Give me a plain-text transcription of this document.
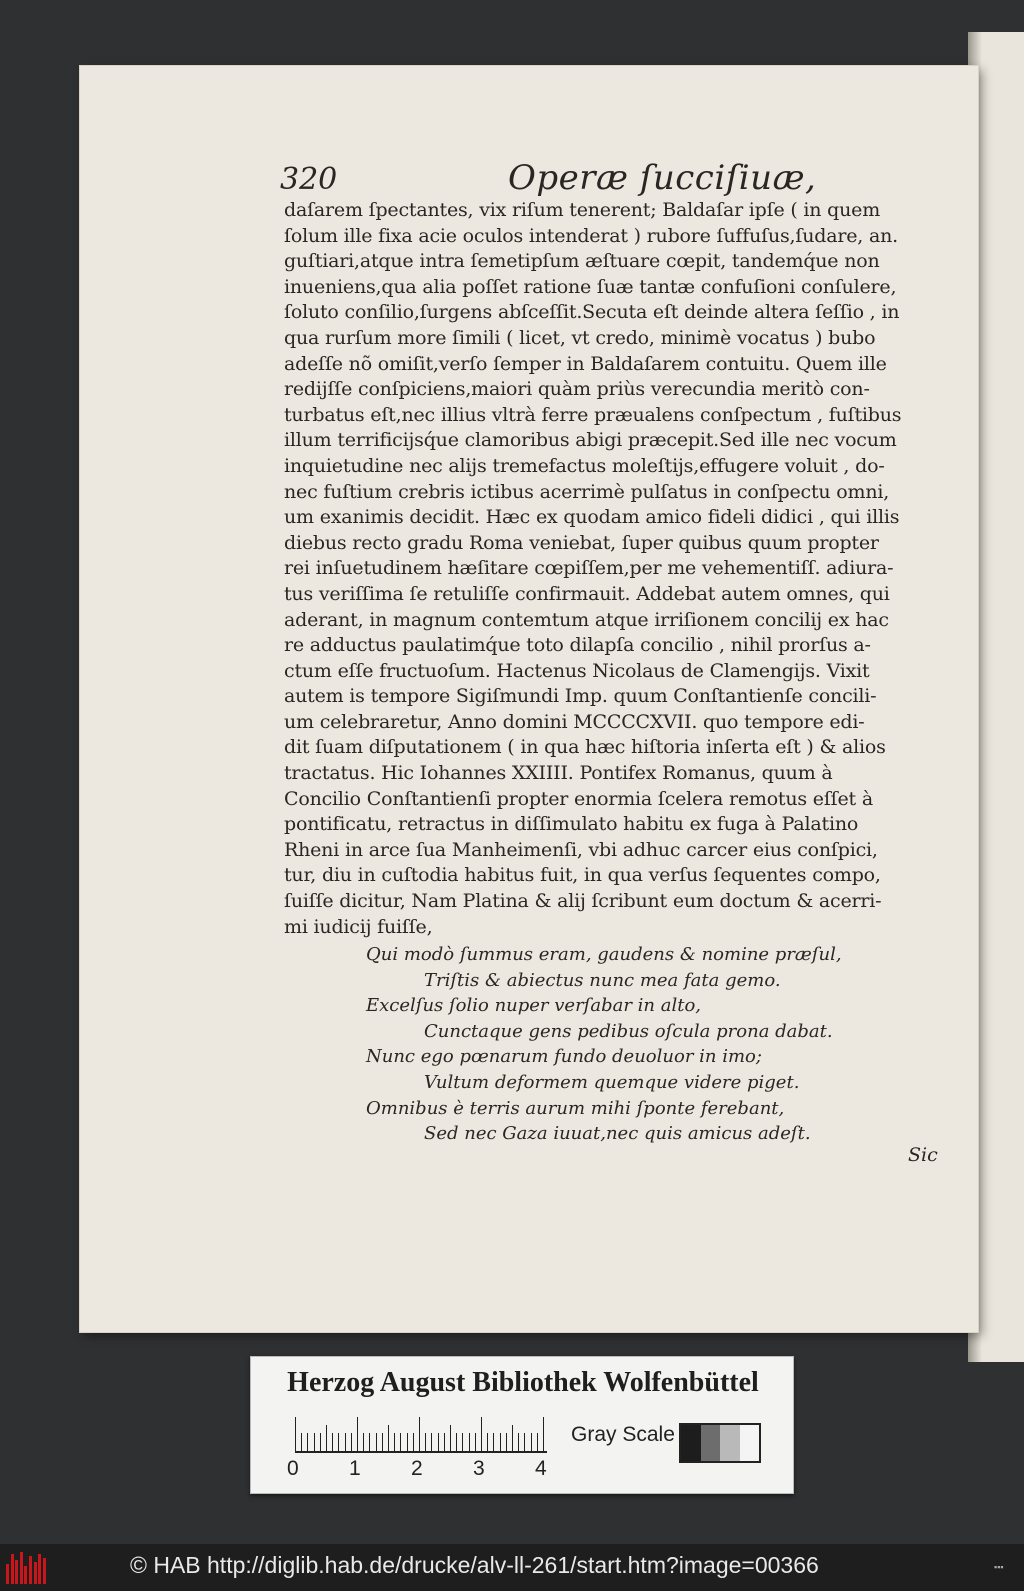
320	Operæ ſucciſiuæ,
daſarem ſpectantes, vix riſum tenerent; Baldaſar ipſe ( in quem
ſolum ille fixa acie oculos intenderat ) rubore ſuffuſus,ſudare, an.
guſtiari,atque intra ſemetipſum æſtuare cœpit, tandemq́ue non
inueniens,qua alia poſſet ratione ſuæ tantæ confuſioni conſulere,
ſoluto conſilio,ſurgens abſceſſit.Secuta eſt deinde altera ſeſſio , in
qua rurſum more ſimili ( licet, vt credo, minimè vocatus ) bubo
adeſſe nõ omiſit,verſo ſemper in Baldaſarem contuitu. Quem ille
redijſſe conſpiciens,maiori quàm priùs verecundia meritò con-
turbatus eſt,nec illius vltrà ferre præualens conſpectum , fuſtibus
illum terrificijsq́ue clamoribus abigi præcepit.Sed ille nec vocum
inquietudine nec alijs tremefactus moleſtijs,effugere voluit , do-
nec fuſtium crebris ictibus acerrimè pulſatus in conſpectu omni,
um exanimis decidit. Hæc ex quodam amico fideli didici , qui illis
diebus recto gradu Roma veniebat, ſuper quibus quum propter
rei inſuetudinem hæſitare cœpiſſem,per me vehementiſſ. adiura-
tus veriſſima ſe retuliſſe confirmauit. Addebat autem omnes, qui
aderant, in magnum contemtum atque irriſionem concilij ex hac
re adductus paulatimq́ue toto dilapſa concilio , nihil prorſus a-
ctum eſſe fructuoſum. Hactenus Nicolaus de Clamengijs. Vixit
autem is tempore Sigiſmundi Imp. quum Conſtantienſe concili-
um celebraretur, Anno domini MCCCCXVII. quo tempore edi-
dit ſuam diſputationem ( in qua hæc hiſtoria inſerta eſt ) & alios
tractatus. Hic Iohannes XXIIII. Pontifex Romanus, quum à
Concilio Conſtantienſi propter enormia ſcelera remotus eſſet à
pontificatu, retractus in diſſimulato habitu ex fuga à Palatino
Rheni in arce ſua Manheimenſi, vbi adhuc carcer eius conſpici,
tur, diu in cuſtodia habitus fuit, in qua verſus ſequentes compo,
ſuiſſe dicitur, Nam Platina & alij ſcribunt eum doctum & acerri-
mi iudicij fuiſſe,
Qui modò ſummus eram, gaudens & nomine præſul,
Triſtis & abiectus nunc mea fata gemo.
Excelſus ſolio nuper verſabar in alto,
Cunctaque gens pedibus oſcula prona dabat.
Nunc ego pœnarum fundo deuoluor in imo;
Vultum deformem quemque videre piget.
Omnibus è terris aurum mihi ſponte ferebant,
Sed nec Gaza iuuat,nec quis amicus adeſt.
Sic
Herzog August Bibliothek Wolfenbüttel
0 1 2 3 4
Gray Scale
© HAB http://diglib.hab.de/drucke/alv-ll-261/start.htm?image=00366	▪▪▪
